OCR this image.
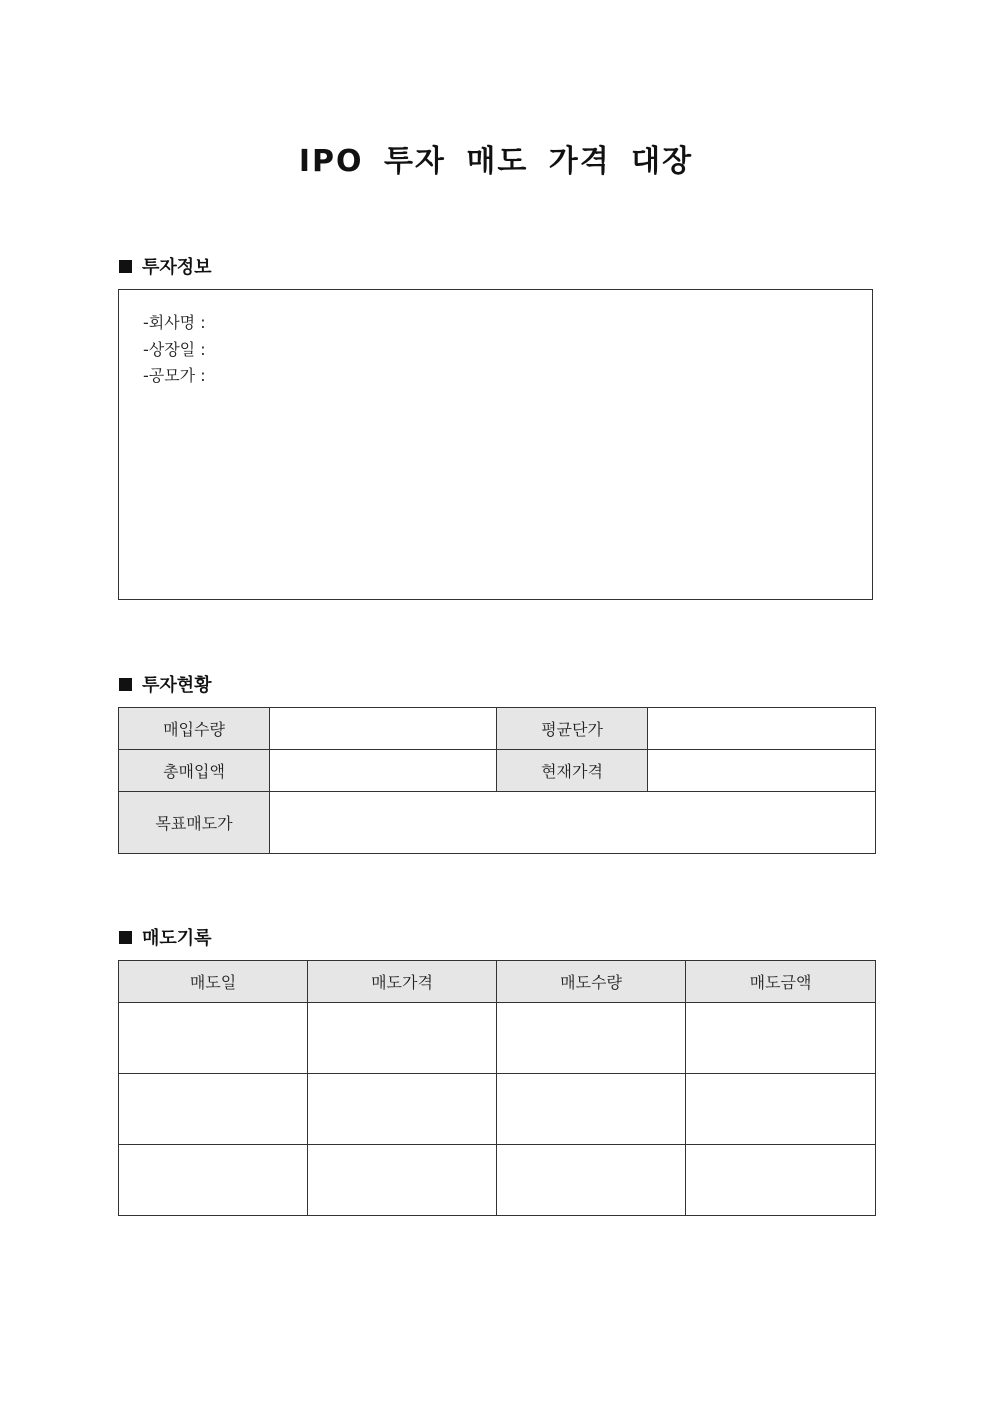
IPO 투자 매도 가격 대장
투자정보
-회사명 :
-상장일 :
-공모가 :
투자현황
매입수량		평균단가	
총매입액		현재가격	
목표매도가			
매도기록
매도일	매도가격	매도수량	매도금액
